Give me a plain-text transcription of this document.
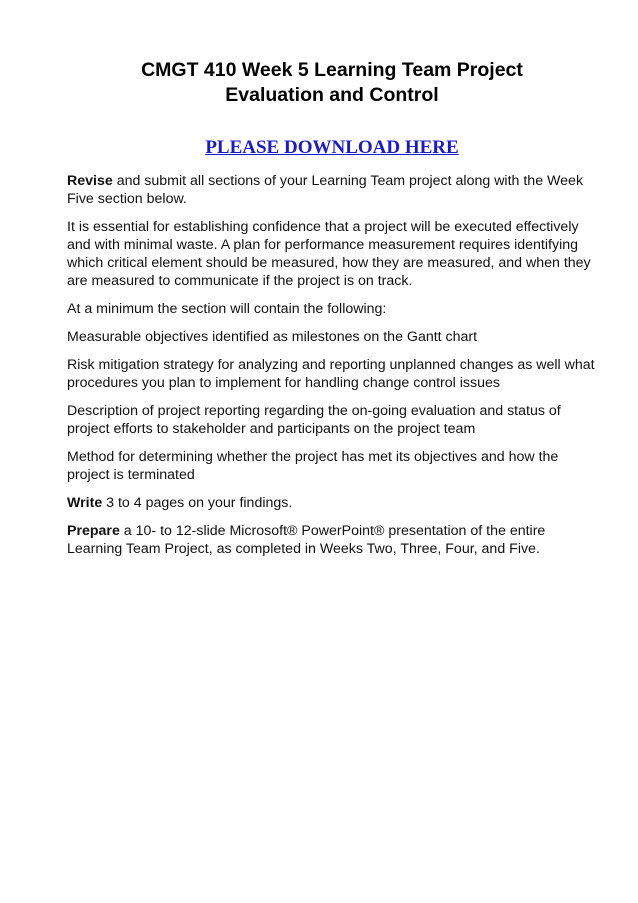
CMGT 410 Week 5 Learning Team Project
Evaluation and Control

PLEASE DOWNLOAD HERE

Revise and submit all sections of your Learning Team project along with the Week Five section below.

It is essential for establishing confidence that a project will be executed effectively and with minimal waste. A plan for performance measurement requires identifying which critical element should be measured, how they are measured, and when they are measured to communicate if the project is on track.

At a minimum the section will contain the following:

Measurable objectives identified as milestones on the Gantt chart

Risk mitigation strategy for analyzing and reporting unplanned changes as well what procedures you plan to implement for handling change control issues

Description of project reporting regarding the on-going evaluation and status of project efforts to stakeholder and participants on the project team

Method for determining whether the project has met its objectives and how the project is terminated

Write 3 to 4 pages on your findings.

Prepare a 10- to 12-slide Microsoft® PowerPoint® presentation of the entire Learning Team Project, as completed in Weeks Two, Three, Four, and Five.
